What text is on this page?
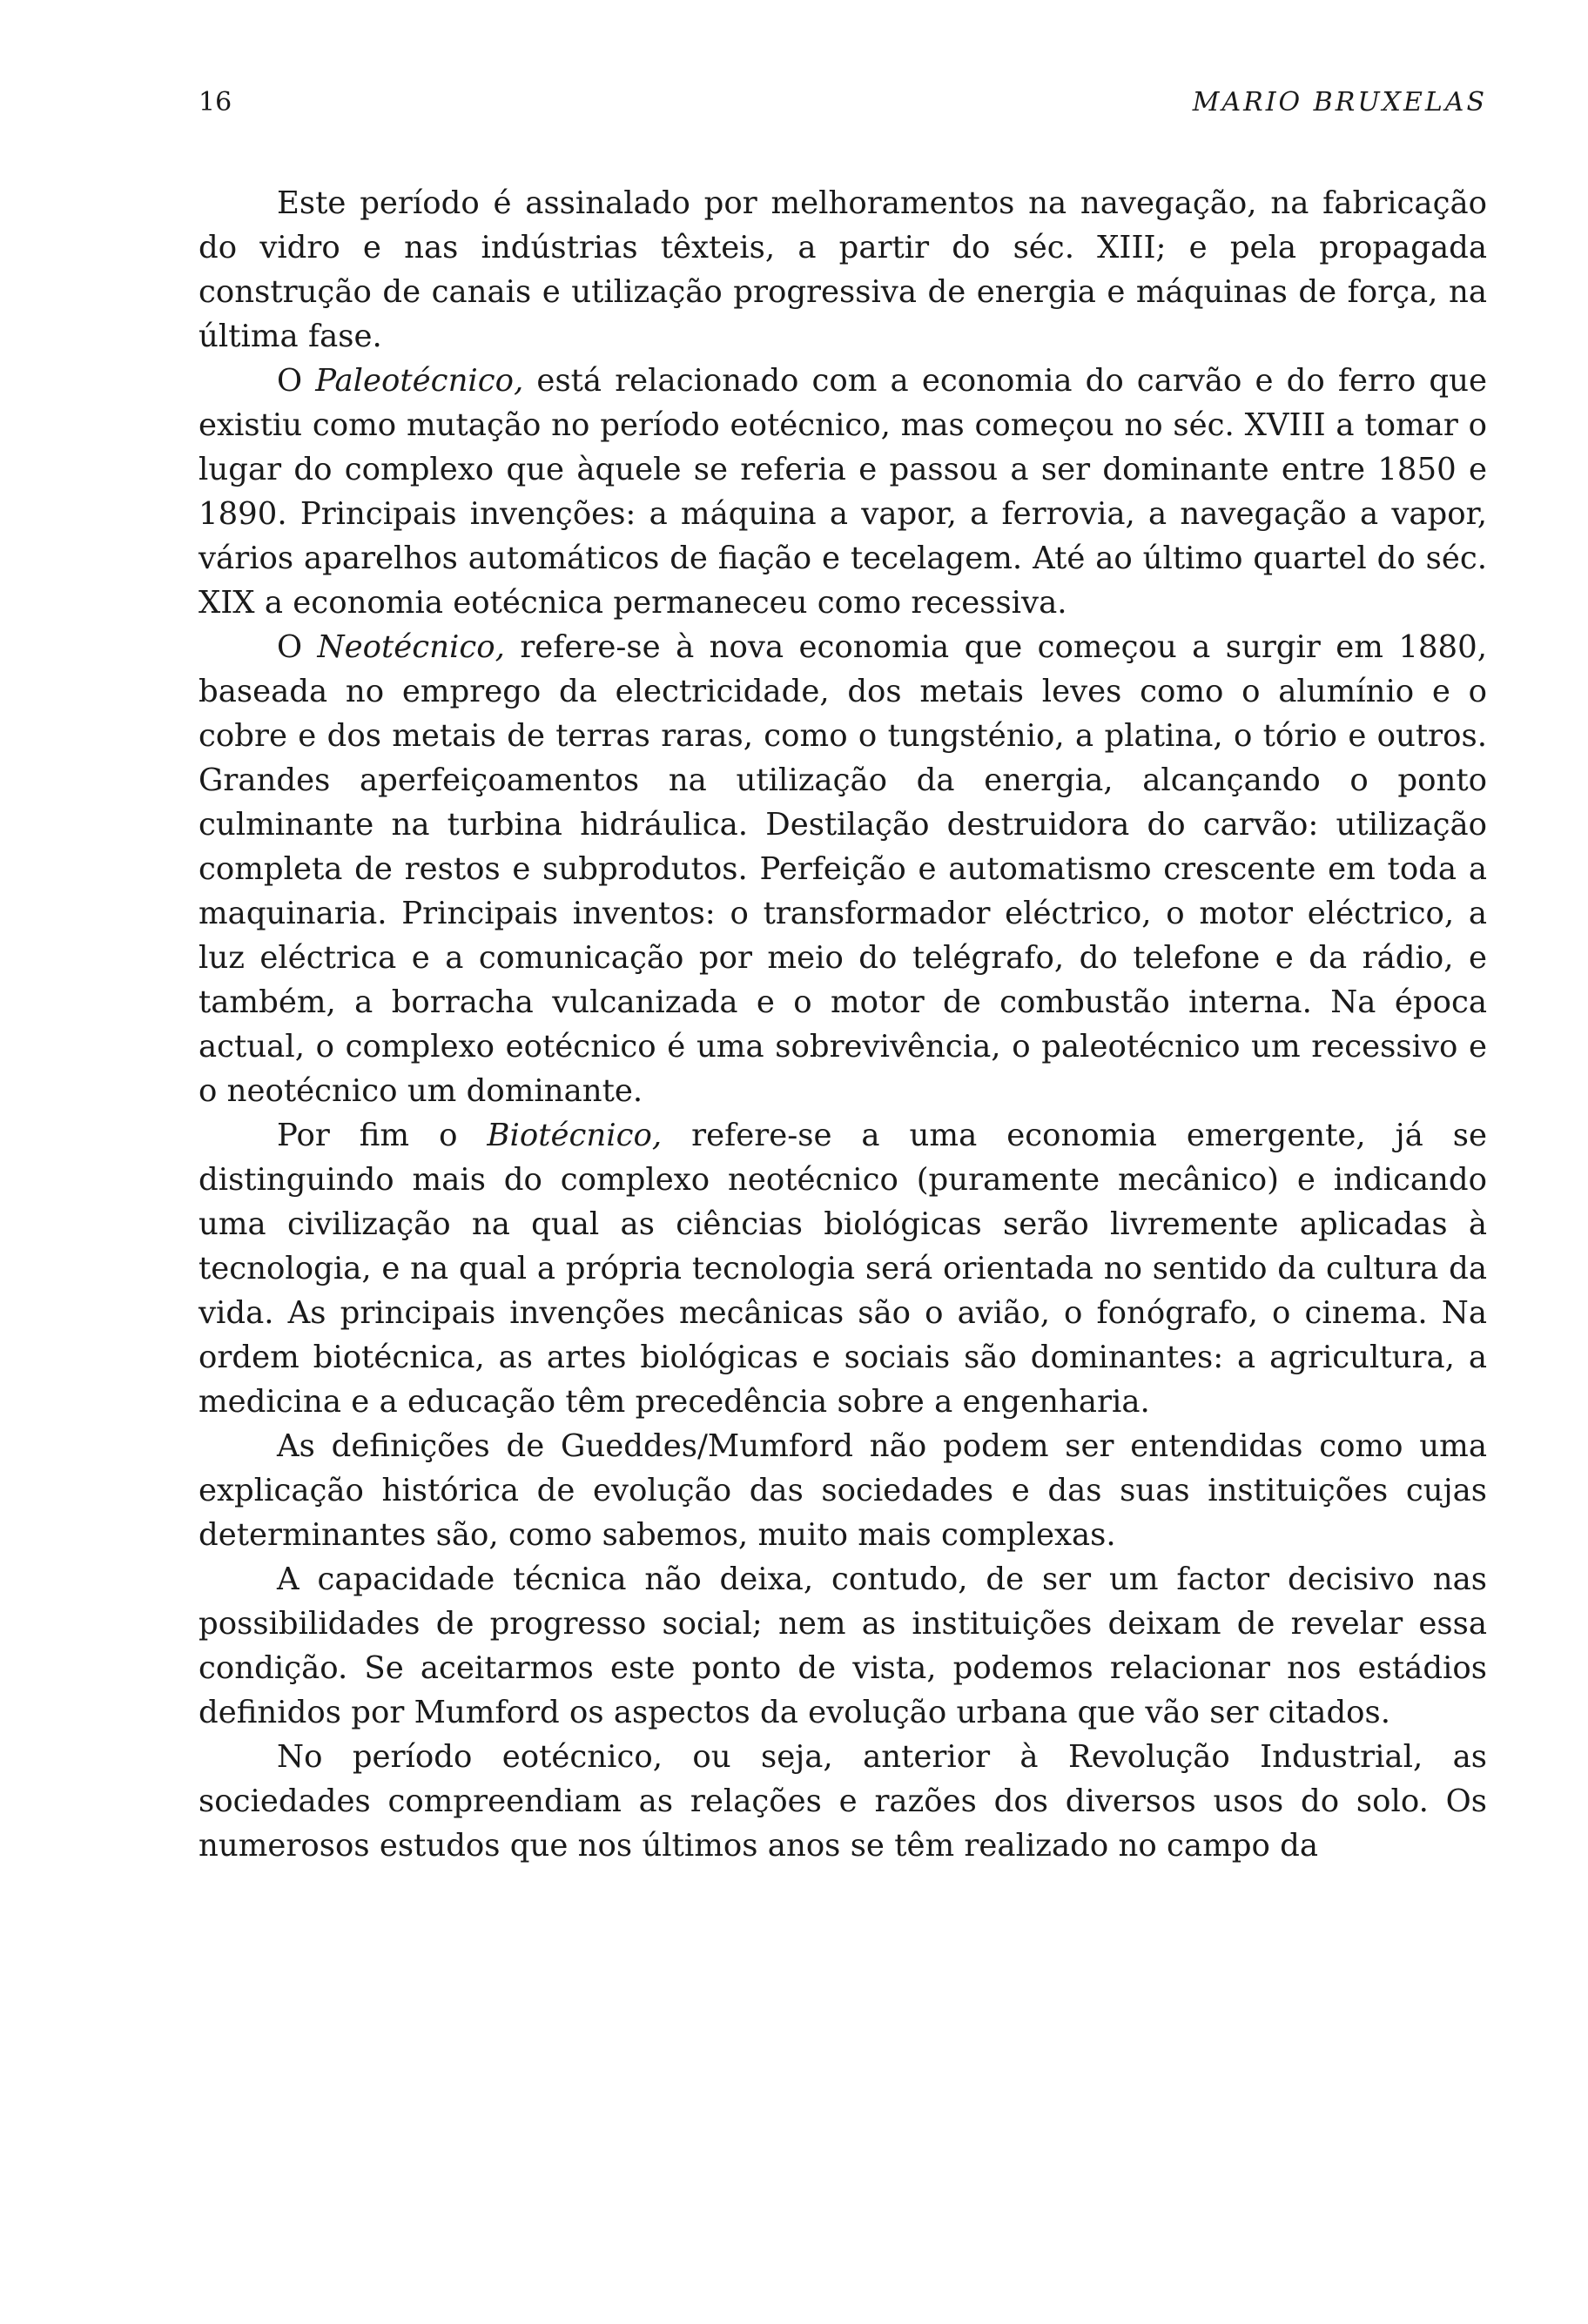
16	MARIO BRUXELAS

Este período é assinalado por melhoramentos na navegação, na fabricação do vidro e nas indústrias têxteis, a partir do séc. XIII; e pela propagada construção de canais e utilização progressiva de energia e máquinas de força, na última fase.

O Paleotécnico, está relacionado com a economia do carvão e do ferro que existiu como mutação no período eotécnico, mas começou no séc. XVIII a tomar o lugar do complexo que àquele se referia e passou a ser dominante entre 1850 e 1890. Principais invenções: a máquina a vapor, a ferrovia, a navegação a vapor, vários aparelhos automáticos de fiação e tecelagem. Até ao último quartel do séc. XIX a economia eotécnica permaneceu como recessiva.

O Neotécnico, refere-se à nova economia que começou a surgir em 1880, baseada no emprego da electricidade, dos metais leves como o alumínio e o cobre e dos metais de terras raras, como o tungsténio, a platina, o tório e outros. Grandes aperfeiçoamentos na utilização da energia, alcançando o ponto culminante na turbina hidráulica. Destilação destruidora do carvão: utilização completa de restos e subprodutos. Perfeição e automatismo crescente em toda a maquinaria. Principais inventos: o transformador eléctrico, o motor eléctrico, a luz eléctrica e a comunicação por meio do telégrafo, do telefone e da rádio, e também, a borracha vulcanizada e o motor de combustão interna. Na época actual, o complexo eotécnico é uma sobrevivência, o paleotécnico um recessivo e o neotécnico um dominante.

Por fim o Biotécnico, refere-se a uma economia emergente, já se distinguindo mais do complexo neotécnico (puramente mecânico) e indicando uma civilização na qual as ciências biológicas serão livremente aplicadas à tecnologia, e na qual a própria tecnologia será orientada no sentido da cultura da vida. As principais invenções mecânicas são o avião, o fonógrafo, o cinema. Na ordem biotécnica, as artes biológicas e sociais são dominantes: a agricultura, a medicina e a educação têm precedência sobre a engenharia.

As definições de Gueddes/Mumford não podem ser entendidas como uma explicação histórica de evolução das sociedades e das suas instituições cujas determinantes são, como sabemos, muito mais complexas.

A capacidade técnica não deixa, contudo, de ser um factor decisivo nas possibilidades de progresso social; nem as instituições deixam de revelar essa condição. Se aceitarmos este ponto de vista, podemos relacionar nos estádios definidos por Mumford os aspectos da evolução urbana que vão ser citados.

No período eotécnico, ou seja, anterior à Revolução Industrial, as sociedades compreendiam as relações e razões dos diversos usos do solo. Os numerosos estudos que nos últimos anos se têm realizado no campo da
